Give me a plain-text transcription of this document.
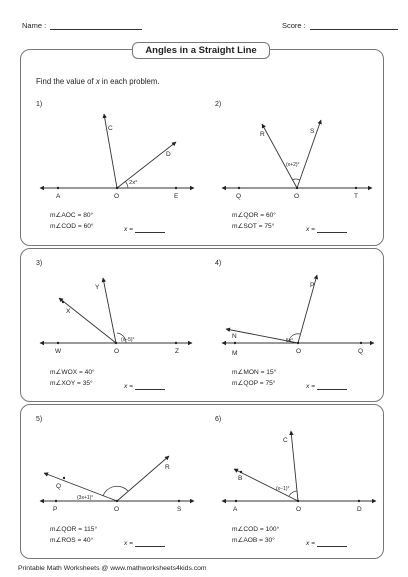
Name :	Score :
Angles in a Straight Line
Find the value of x in each problem.
C
D
A	O	E
2x°
R	S
Q	O	T
(x+2)°
Y
X
W	O	Z
(x−5)°
P
N
M	O	Q
5x°
Q
R
P	O	S
(3x+1)°
C
B
A	O	D
(x−1)°
1)	2)
3)	4)
5)	6)
m∠AOC = 80°
m∠COD = 60°
m∠QOR = 60°
m∠SOT = 75°
m∠WOX = 40°
m∠XOY = 35°
m∠MON = 15°
m∠QOP = 75°
m∠QOR = 115°
m∠ROS = 40°
m∠COD = 100°
m∠AOB = 30°
x =	x =
x =	x =
x =	x =
Printable Math Worksheets @ www.mathworksheets4kids.com
